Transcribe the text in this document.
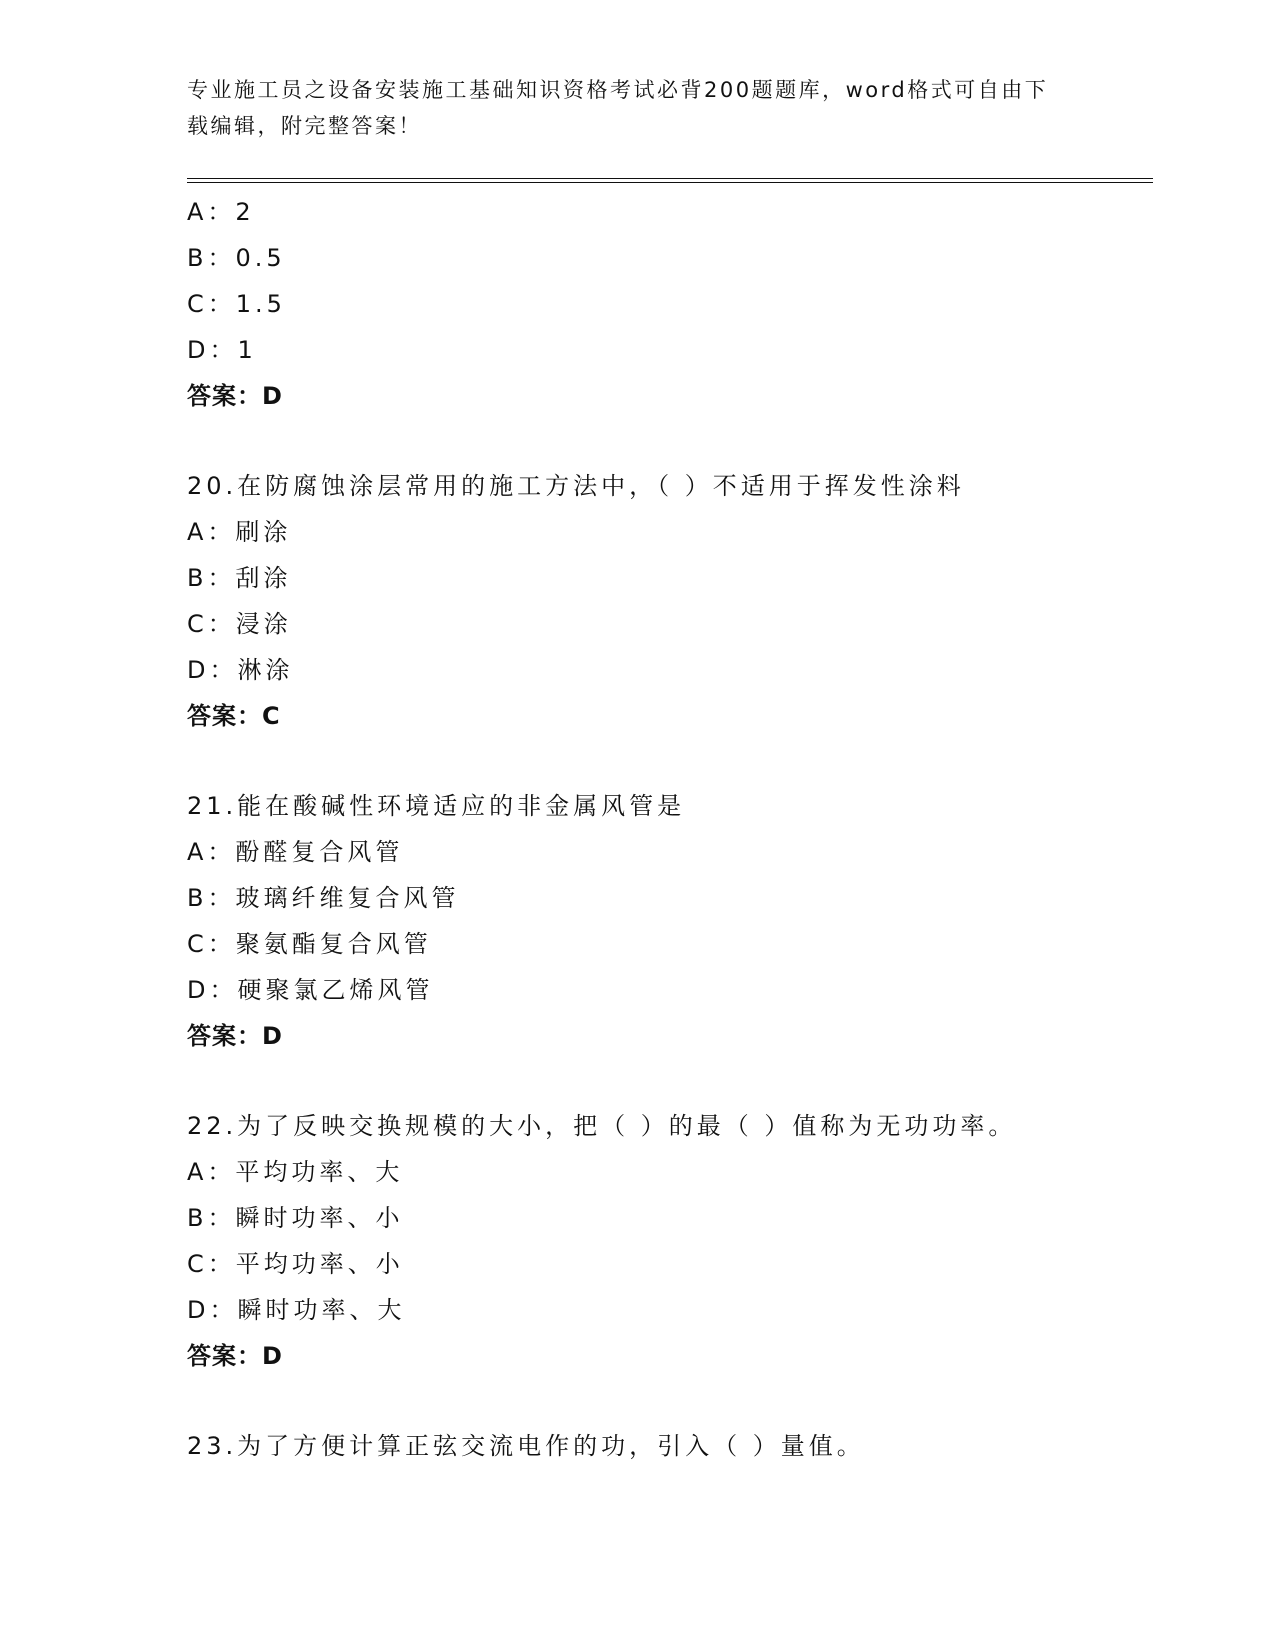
专业施工员之设备安装施工基础知识资格考试必背200题题库，word格式可自由下载编辑，附完整答案！
A：2
B：0.5
C：1.5
D：1
答案：D
20.在防腐蚀涂层常用的施工方法中，（ ）不适用于挥发性涂料
A：刷涂
B：刮涂
C：浸涂
D：淋涂
答案：C
21.能在酸碱性环境适应的非金属风管是
A：酚醛复合风管
B：玻璃纤维复合风管
C：聚氨酯复合风管
D：硬聚氯乙烯风管
答案：D
22.为了反映交换规模的大小，把（ ）的最（ ）值称为无功功率。
A：平均功率、大
B：瞬时功率、小
C：平均功率、小
D：瞬时功率、大
答案：D
23.为了方便计算正弦交流电作的功，引入（ ）量值。
